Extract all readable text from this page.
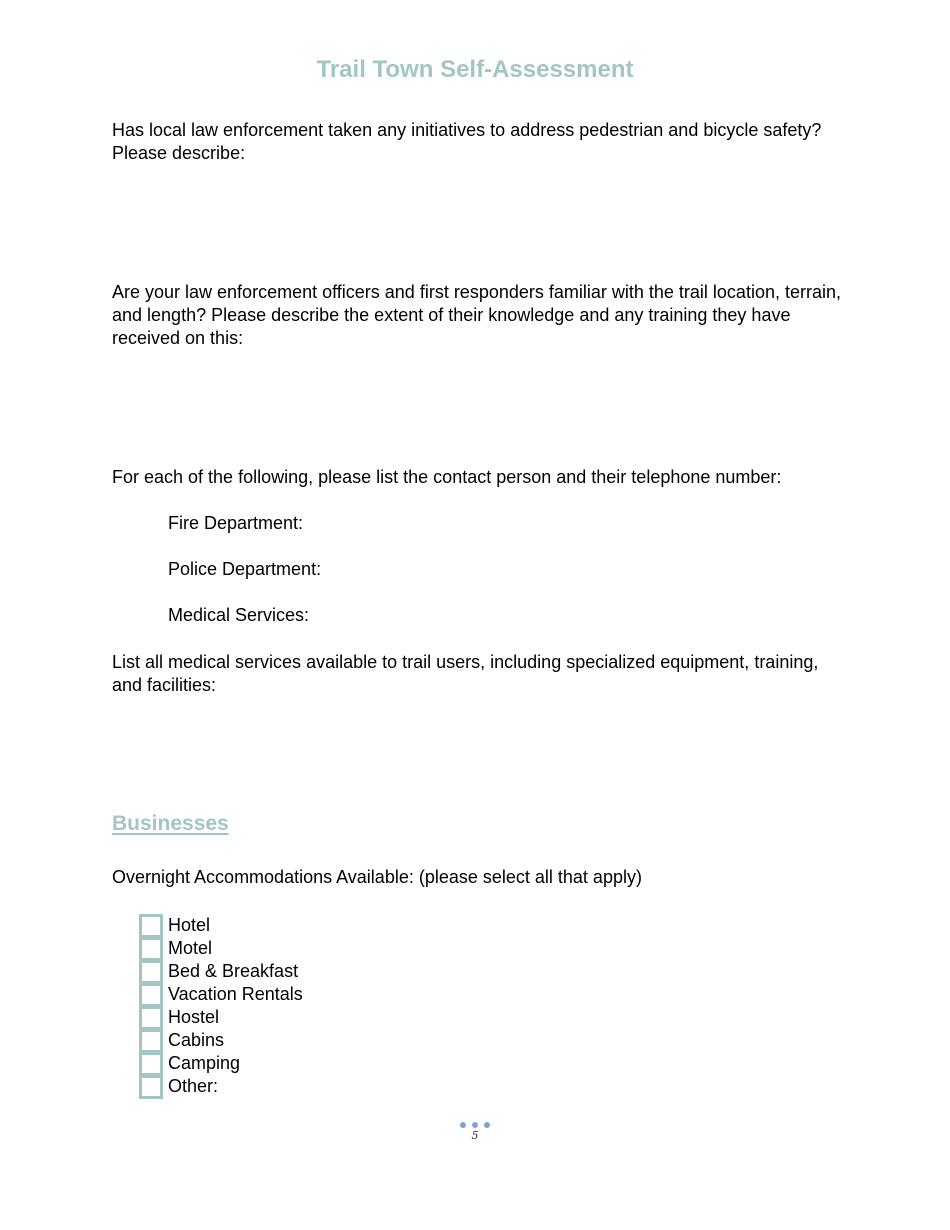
Trail Town Self-Assessment
Has local law enforcement taken any initiatives to address pedestrian and bicycle safety? Please describe:
Are your law enforcement officers and first responders familiar with the trail location, terrain, and length? Please describe the extent of their knowledge and any training they have received on this:
For each of the following, please list the contact person and their telephone number:
Fire Department:
Police Department:
Medical Services:
List all medical services available to trail users, including specialized equipment, training, and facilities:
Businesses
Overnight Accommodations Available: (please select all that apply)
Hotel
Motel
Bed & Breakfast
Vacation Rentals
Hostel
Cabins
Camping
Other:
5
